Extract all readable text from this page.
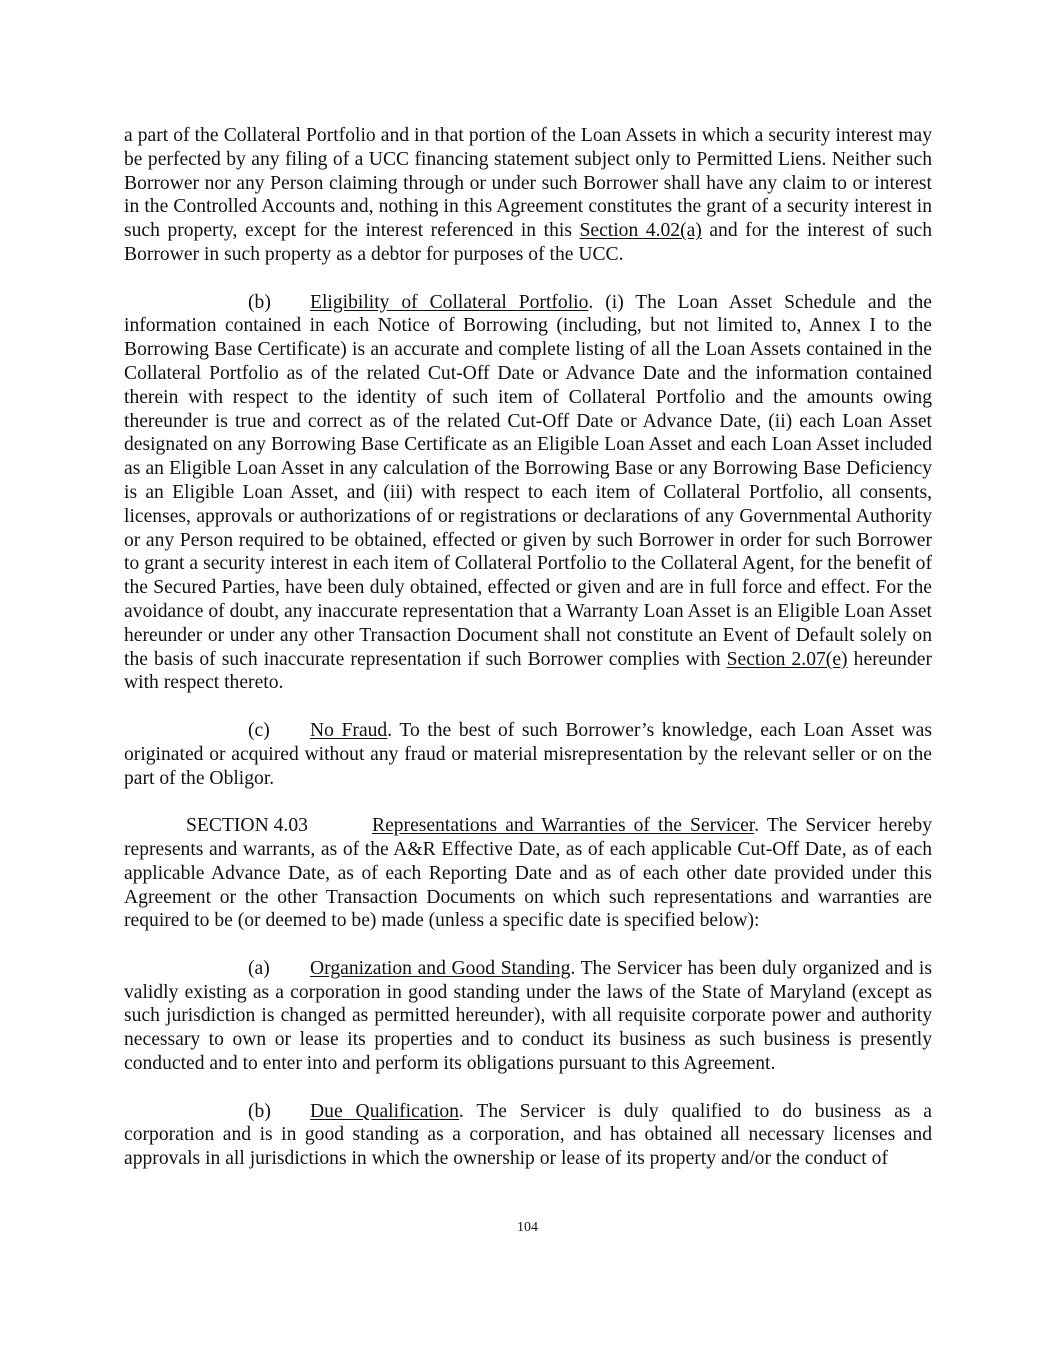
a part of the Collateral Portfolio and in that portion of the Loan Assets in which a security interest may be perfected by any filing of a UCC financing statement subject only to Permitted Liens. Neither such Borrower nor any Person claiming through or under such Borrower shall have any claim to or interest in the Controlled Accounts and, nothing in this Agreement constitutes the grant of a security interest in such property, except for the interest referenced in this Section 4.02(a) and for the interest of such Borrower in such property as a debtor for purposes of the UCC.

(b) Eligibility of Collateral Portfolio. (i) The Loan Asset Schedule and the information contained in each Notice of Borrowing (including, but not limited to, Annex I to the Borrowing Base Certificate) is an accurate and complete listing of all the Loan Assets contained in the Collateral Portfolio as of the related Cut-Off Date or Advance Date and the information contained therein with respect to the identity of such item of Collateral Portfolio and the amounts owing thereunder is true and correct as of the related Cut-Off Date or Advance Date, (ii) each Loan Asset designated on any Borrowing Base Certificate as an Eligible Loan Asset and each Loan Asset included as an Eligible Loan Asset in any calculation of the Borrowing Base or any Borrowing Base Deficiency is an Eligible Loan Asset, and (iii) with respect to each item of Collateral Portfolio, all consents, licenses, approvals or authorizations of or registrations or declarations of any Governmental Authority or any Person required to be obtained, effected or given by such Borrower in order for such Borrower to grant a security interest in each item of Collateral Portfolio to the Collateral Agent, for the benefit of the Secured Parties, have been duly obtained, effected or given and are in full force and effect. For the avoidance of doubt, any inaccurate representation that a Warranty Loan Asset is an Eligible Loan Asset hereunder or under any other Transaction Document shall not constitute an Event of Default solely on the basis of such inaccurate representation if such Borrower complies with Section 2.07(e) hereunder with respect thereto.

(c) No Fraud. To the best of such Borrower’s knowledge, each Loan Asset was originated or acquired without any fraud or material misrepresentation by the relevant seller or on the part of the Obligor.

SECTION 4.03	Representations and Warranties of the Servicer. The Servicer hereby represents and warrants, as of the A&R Effective Date, as of each applicable Cut-Off Date, as of each applicable Advance Date, as of each Reporting Date and as of each other date provided under this Agreement or the other Transaction Documents on which such representations and warranties are required to be (or deemed to be) made (unless a specific date is specified below):

(a) Organization and Good Standing. The Servicer has been duly organized and is validly existing as a corporation in good standing under the laws of the State of Maryland (except as such jurisdiction is changed as permitted hereunder), with all requisite corporate power and authority necessary to own or lease its properties and to conduct its business as such business is presently conducted and to enter into and perform its obligations pursuant to this Agreement.

(b) Due Qualification. The Servicer is duly qualified to do business as a corporation and is in good standing as a corporation, and has obtained all necessary licenses and approvals in all jurisdictions in which the ownership or lease of its property and/or the conduct of

104
